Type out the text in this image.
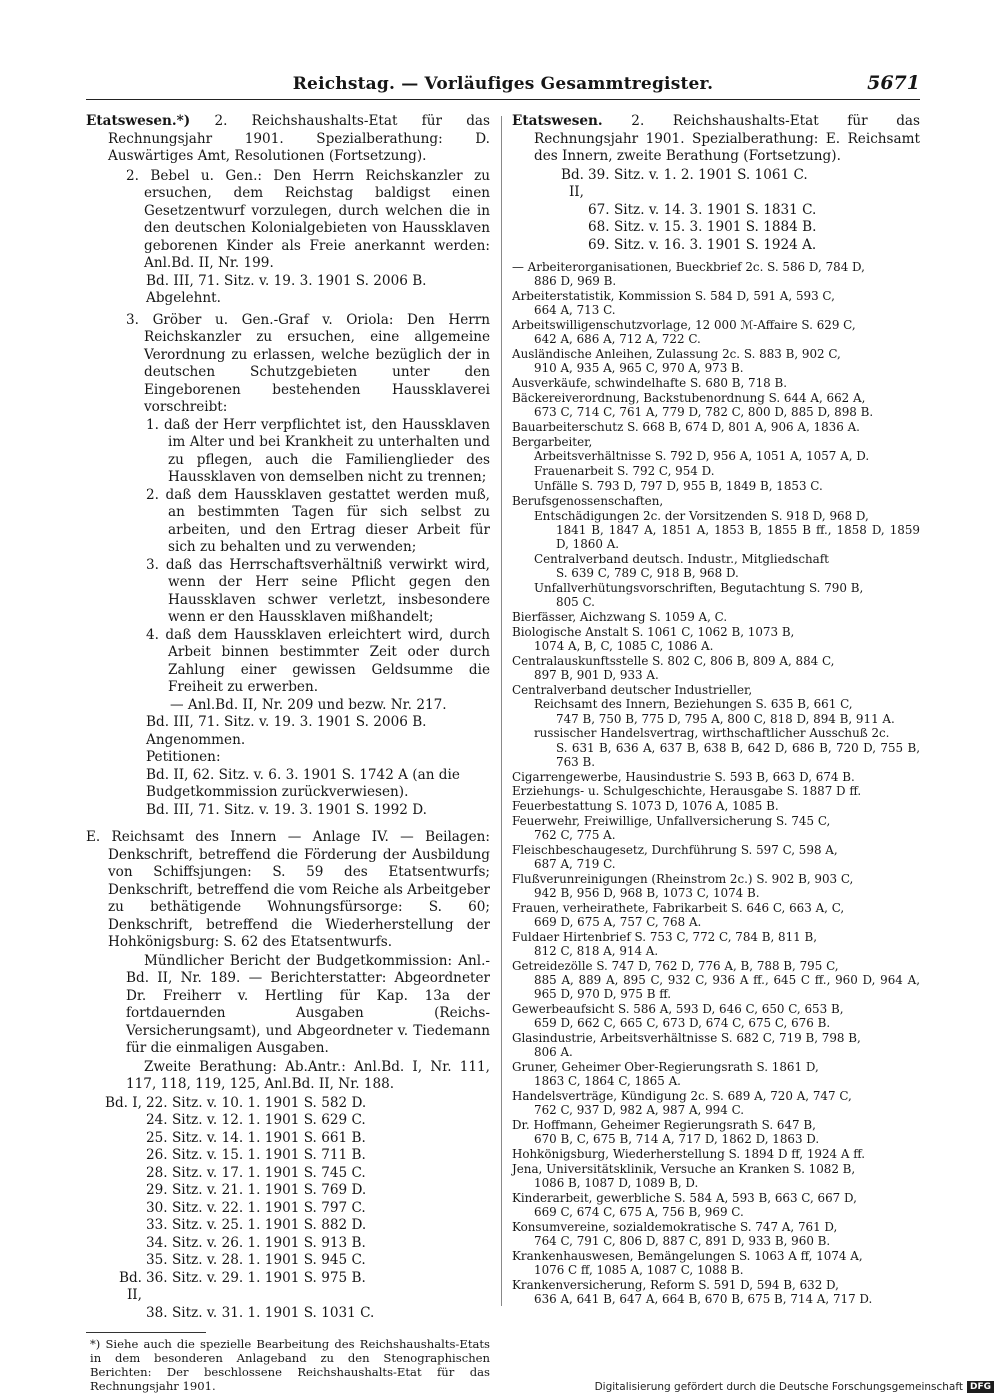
Reichstag. — Vorläufiges Gesammtregister.	5671
Etatswesen.*) 2. Reichshaushalts-Etat für das Rechnungsjahr 1901. Spezialberathung: D. Auswärtiges Amt, Resolutionen (Fortsetzung).
2. Bebel u. Gen.: Den Herrn Reichskanzler zu ersuchen, dem Reichstag baldigst einen Gesetzentwurf vorzulegen, durch welchen die in den deutschen Kolonialgebieten von Haussklaven geborenen Kinder als Freie anerkannt werden: Anl.Bd. II, Nr. 199.
Bd. III, 71. Sitz. v. 19. 3. 1901 S. 2006 B.
Abgelehnt.
3. Gröber u. Gen.-Graf v. Oriola: Den Herrn Reichskanzler zu ersuchen, eine allgemeine Verordnung zu erlassen, welche bezüglich der in deutschen Schutzgebieten unter den Eingeborenen bestehenden Haussklaverei vorschreibt:
1. daß der Herr verpflichtet ist, den Haussklaven im Alter und bei Krankheit zu unterhalten und zu pflegen, auch die Familienglieder des Haussklaven von demselben nicht zu trennen;
2. daß dem Haussklaven gestattet werden muß, an bestimmten Tagen für sich selbst zu arbeiten, und den Ertrag dieser Arbeit für sich zu behalten und zu verwenden;
3. daß das Herrschaftsverhältniß verwirkt wird, wenn der Herr seine Pflicht gegen den Haussklaven schwer verletzt, insbesondere wenn er den Haussklaven mißhandelt;
4. daß dem Haussklaven erleichtert wird, durch Arbeit binnen bestimmter Zeit oder durch Zahlung einer gewissen Geldsumme die Freiheit zu erwerben.
— Anl.Bd. II, Nr. 209 und bezw. Nr. 217.
Bd. III, 71. Sitz. v. 19. 3. 1901 S. 2006 B.
Angenommen.
Petitionen:
Bd. II, 62. Sitz. v. 6. 3. 1901 S. 1742 A (an die Budgetkommission zurückverwiesen).
Bd. III, 71. Sitz. v. 19. 3. 1901 S. 1992 D.
E. Reichsamt des Innern — Anlage IV. — Beilagen: Denkschrift, betreffend die Förderung der Ausbildung von Schiffsjungen: S. 59 des Etatsentwurfs; Denkschrift, betreffend die vom Reiche als Arbeitgeber zu bethätigende Wohnungsfürsorge: S. 60; Denkschrift, betreffend die Wiederherstellung der Hohkönigsburg: S. 62 des Etatsentwurfs.
Mündlicher Bericht der Budgetkommission: Anl.-Bd. II, Nr. 189. — Berichterstatter: Abgeordneter Dr. Freiherr v. Hertling für Kap. 13a der fortdauernden Ausgaben (Reichs-Versicherungsamt), und Abgeordneter v. Tiedemann für die einmaligen Ausgaben.
Zweite Berathung: Ab.Antr.: Anl.Bd. I, Nr. 111, 117, 118, 119, 125, Anl.Bd. II, Nr. 188.
Bd. I, 22. Sitz. v. 10. 1. 1901 S. 582 D.
24. Sitz. v. 12. 1. 1901 S. 629 C.
25. Sitz. v. 14. 1. 1901 S. 661 B.
26. Sitz. v. 15. 1. 1901 S. 711 B.
28. Sitz. v. 17. 1. 1901 S. 745 C.
29. Sitz. v. 21. 1. 1901 S. 769 D.
30. Sitz. v. 22. 1. 1901 S. 797 C.
33. Sitz. v. 25. 1. 1901 S. 882 D.
34. Sitz. v. 26. 1. 1901 S. 913 B.
35. Sitz. v. 28. 1. 1901 S. 945 C.
Bd. II,
36. Sitz. v. 29. 1. 1901 S. 975 B.
38. Sitz. v. 31. 1. 1901 S. 1031 C.
*) Siehe auch die spezielle Bearbeitung des Reichshaushalts-Etats in dem besonderen Anlageband zu den Stenographischen Berichten: Der beschlossene Reichshaushalts-Etat für das Rechnungsjahr 1901.
Etatswesen. 2. Reichshaushalts-Etat für das Rechnungsjahr 1901. Spezialberathung: E. Reichsamt des Innern, zweite Berathung (Fortsetzung).
Bd. II,
39. Sitz. v. 1. 2. 1901 S. 1061 C.
67. Sitz. v. 14. 3. 1901 S. 1831 C.
68. Sitz. v. 15. 3. 1901 S. 1884 B.
69. Sitz. v. 16. 3. 1901 S. 1924 A.
— Arbeiterorganisationen, Bueckbrief 2c. S. 586 D, 784 D,
886 D, 969 B.
Arbeiterstatistik, Kommission S. 584 D, 591 A, 593 C,
664 A, 713 C.
Arbeitswilligenschutzvorlage, 12 000 ℳ-Affaire S. 629 C,
642 A, 686 A, 712 A, 722 C.
Ausländische Anleihen, Zulassung 2c. S. 883 B, 902 C,
910 A, 935 A, 965 C, 970 A, 973 B.
Ausverkäufe, schwindelhafte S. 680 B, 718 B.
Bäckereiverordnung, Backstubenordnung S. 644 A, 662 A,
673 C, 714 C, 761 A, 779 D, 782 C, 800 D, 885 D, 898 B.
Bauarbeiterschutz S. 668 B, 674 D, 801 A, 906 A, 1836 A.
Bergarbeiter,
Arbeitsverhältnisse S. 792 D, 956 A, 1051 A, 1057 A, D.
Frauenarbeit S. 792 C, 954 D.
Unfälle S. 793 D, 797 D, 955 B, 1849 B, 1853 C.
Berufsgenossenschaften,
Entschädigungen 2c. der Vorsitzenden S. 918 D, 968 D,
1841 B, 1847 A, 1851 A, 1853 B, 1855 B ff., 1858 D, 1859 D, 1860 A.
Centralverband deutsch. Industr., Mitgliedschaft
S. 639 C, 789 C, 918 B, 968 D.
Unfallverhütungsvorschriften, Begutachtung S. 790 B,
805 C.
Bierfässer, Aichzwang S. 1059 A, C.
Biologische Anstalt S. 1061 C, 1062 B, 1073 B,
1074 A, B, C, 1085 C, 1086 A.
Centralauskunftsstelle S. 802 C, 806 B, 809 A, 884 C,
897 B, 901 D, 933 A.
Centralverband deutscher Industrieller,
Reichsamt des Innern, Beziehungen S. 635 B, 661 C,
747 B, 750 B, 775 D, 795 A, 800 C, 818 D, 894 B, 911 A.
russischer Handelsvertrag, wirthschaftlicher Ausschuß 2c.
S. 631 B, 636 A, 637 B, 638 B, 642 D, 686 B, 720 D, 755 B, 763 B.
Cigarrengewerbe, Hausindustrie S. 593 B, 663 D, 674 B.
Erziehungs- u. Schulgeschichte, Herausgabe S. 1887 D ff.
Feuerbestattung S. 1073 D, 1076 A, 1085 B.
Feuerwehr, Freiwillige, Unfallversicherung S. 745 C,
762 C, 775 A.
Fleischbeschaugesetz, Durchführung S. 597 C, 598 A,
687 A, 719 C.
Flußverunreinigungen (Rheinstrom 2c.) S. 902 B, 903 C,
942 B, 956 D, 968 B, 1073 C, 1074 B.
Frauen, verheirathete, Fabrikarbeit S. 646 C, 663 A, C,
669 D, 675 A, 757 C, 768 A.
Fuldaer Hirtenbrief S. 753 C, 772 C, 784 B, 811 B,
812 C, 818 A, 914 A.
Getreidezölle S. 747 D, 762 D, 776 A, B, 788 B, 795 C,
885 A, 889 A, 895 C, 932 C, 936 A ff., 645 C ff., 960 D, 964 A, 965 D, 970 D, 975 B ff.
Gewerbeaufsicht S. 586 A, 593 D, 646 C, 650 C, 653 B,
659 D, 662 C, 665 C, 673 D, 674 C, 675 C, 676 B.
Glasindustrie, Arbeitsverhältnisse S. 682 C, 719 B, 798 B,
806 A.
Gruner, Geheimer Ober-Regierungsrath S. 1861 D,
1863 C, 1864 C, 1865 A.
Handelsverträge, Kündigung 2c. S. 689 A, 720 A, 747 C,
762 C, 937 D, 982 A, 987 A, 994 C.
Dr. Hoffmann, Geheimer Regierungsrath S. 647 B,
670 B, C, 675 B, 714 A, 717 D, 1862 D, 1863 D.
Hohkönigsburg, Wiederherstellung S. 1894 D ff, 1924 A ff.
Jena, Universitätsklinik, Versuche an Kranken S. 1082 B,
1086 B, 1087 D, 1089 B, D.
Kinderarbeit, gewerbliche S. 584 A, 593 B, 663 C, 667 D,
669 C, 674 C, 675 A, 756 B, 969 C.
Konsumvereine, sozialdemokratische S. 747 A, 761 D,
764 C, 791 C, 806 D, 887 C, 891 D, 933 B, 960 B.
Krankenhauswesen, Bemängelungen S. 1063 A ff, 1074 A,
1076 C ff, 1085 A, 1087 C, 1088 B.
Krankenversicherung, Reform S. 591 D, 594 B, 632 D,
636 A, 641 B, 647 A, 664 B, 670 B, 675 B, 714 A, 717 D.
Digitalisierung gefördert durch die Deutsche Forschungsgemeinschaft DFG
